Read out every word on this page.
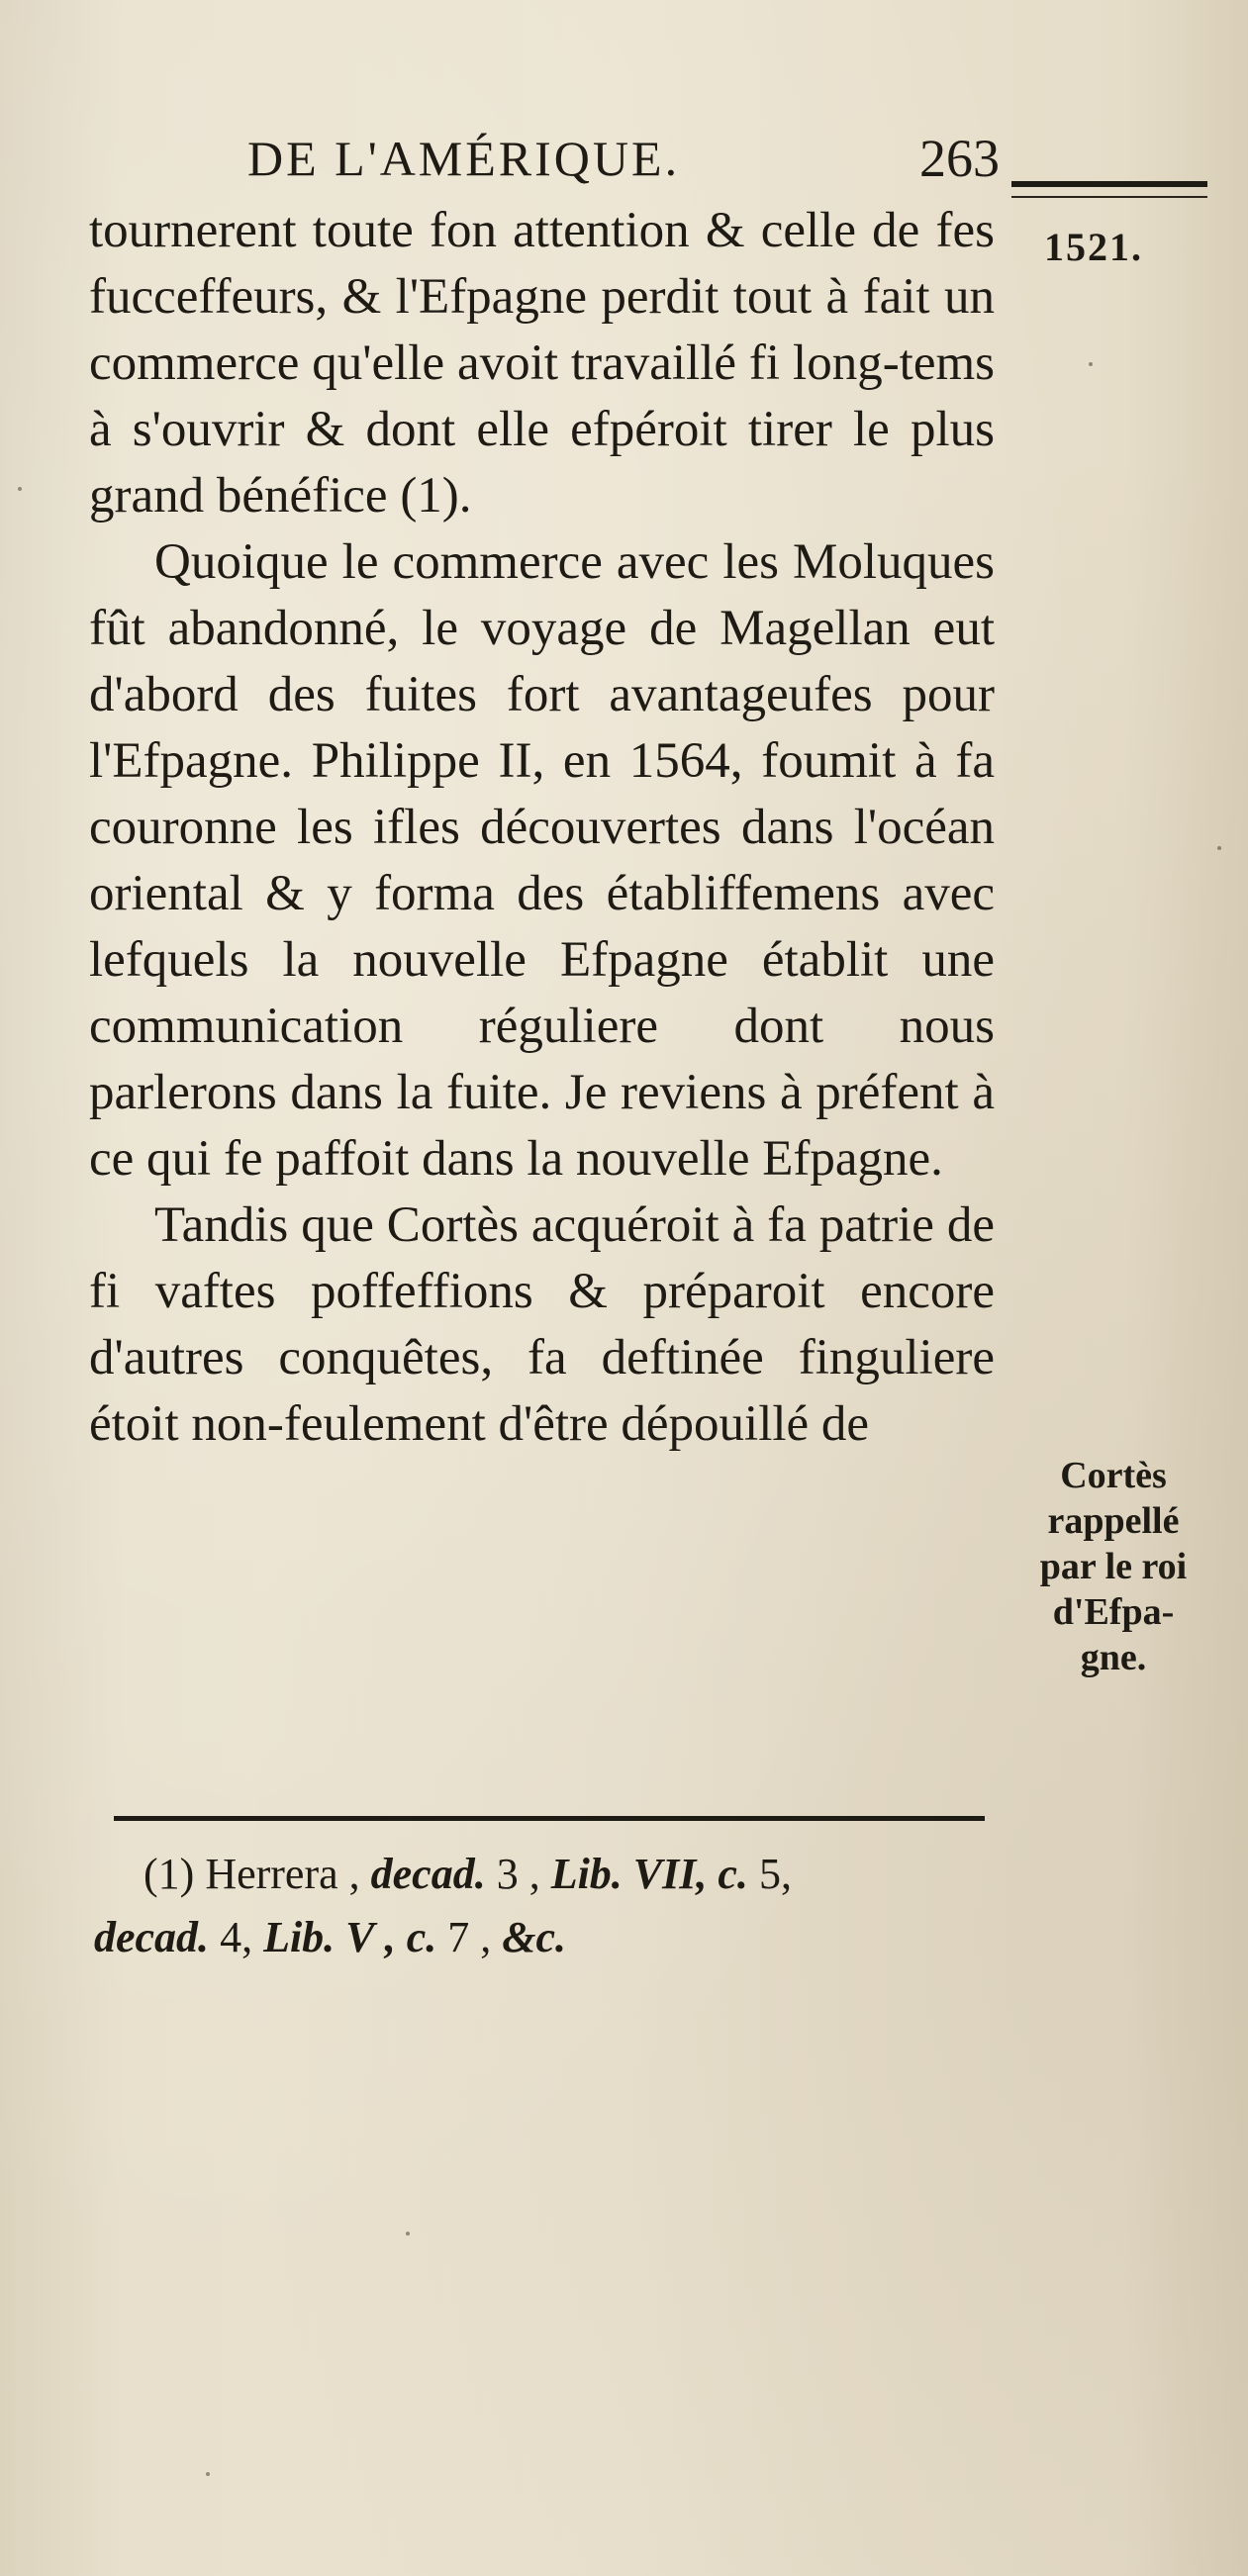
DE L'AMÉRIQUE.	263
1521.

tournerent toute fon attention & celle de fes fucceffeurs, & l'Efpagne perdit tout à fait un commerce qu'elle avoit travaillé fi long-tems à s'ouvrir & dont elle efpéroit tirer le plus grand bénéfice (1).

Quoique le commerce avec les Moluques fût abandonné, le voyage de Magellan eut d'abord des fuites fort avantageufes pour l'Efpagne. Philippe II, en 1564, foumit à fa couronne les ifles découvertes dans l'océan oriental & y forma des établiffemens avec lefquels la nouvelle Efpagne établit une communication réguliere dont nous parlerons dans la fuite. Je reviens à préfent à ce qui fe paffoit dans la nouvelle Efpagne.

Tandis que Cortès acquéroit à fa patrie de fi vaftes poffeffions & préparoit encore d'autres conquêtes, fa deftinée finguliere étoit non-feulement d'être dépouillé de

Cortès
rappellé
par le roi
d'Efpa-
gne.

(1) Herrera , decad. 3 , Lib. VII, c. 5,

decad. 4, Lib. V , c. 7 , &c.
